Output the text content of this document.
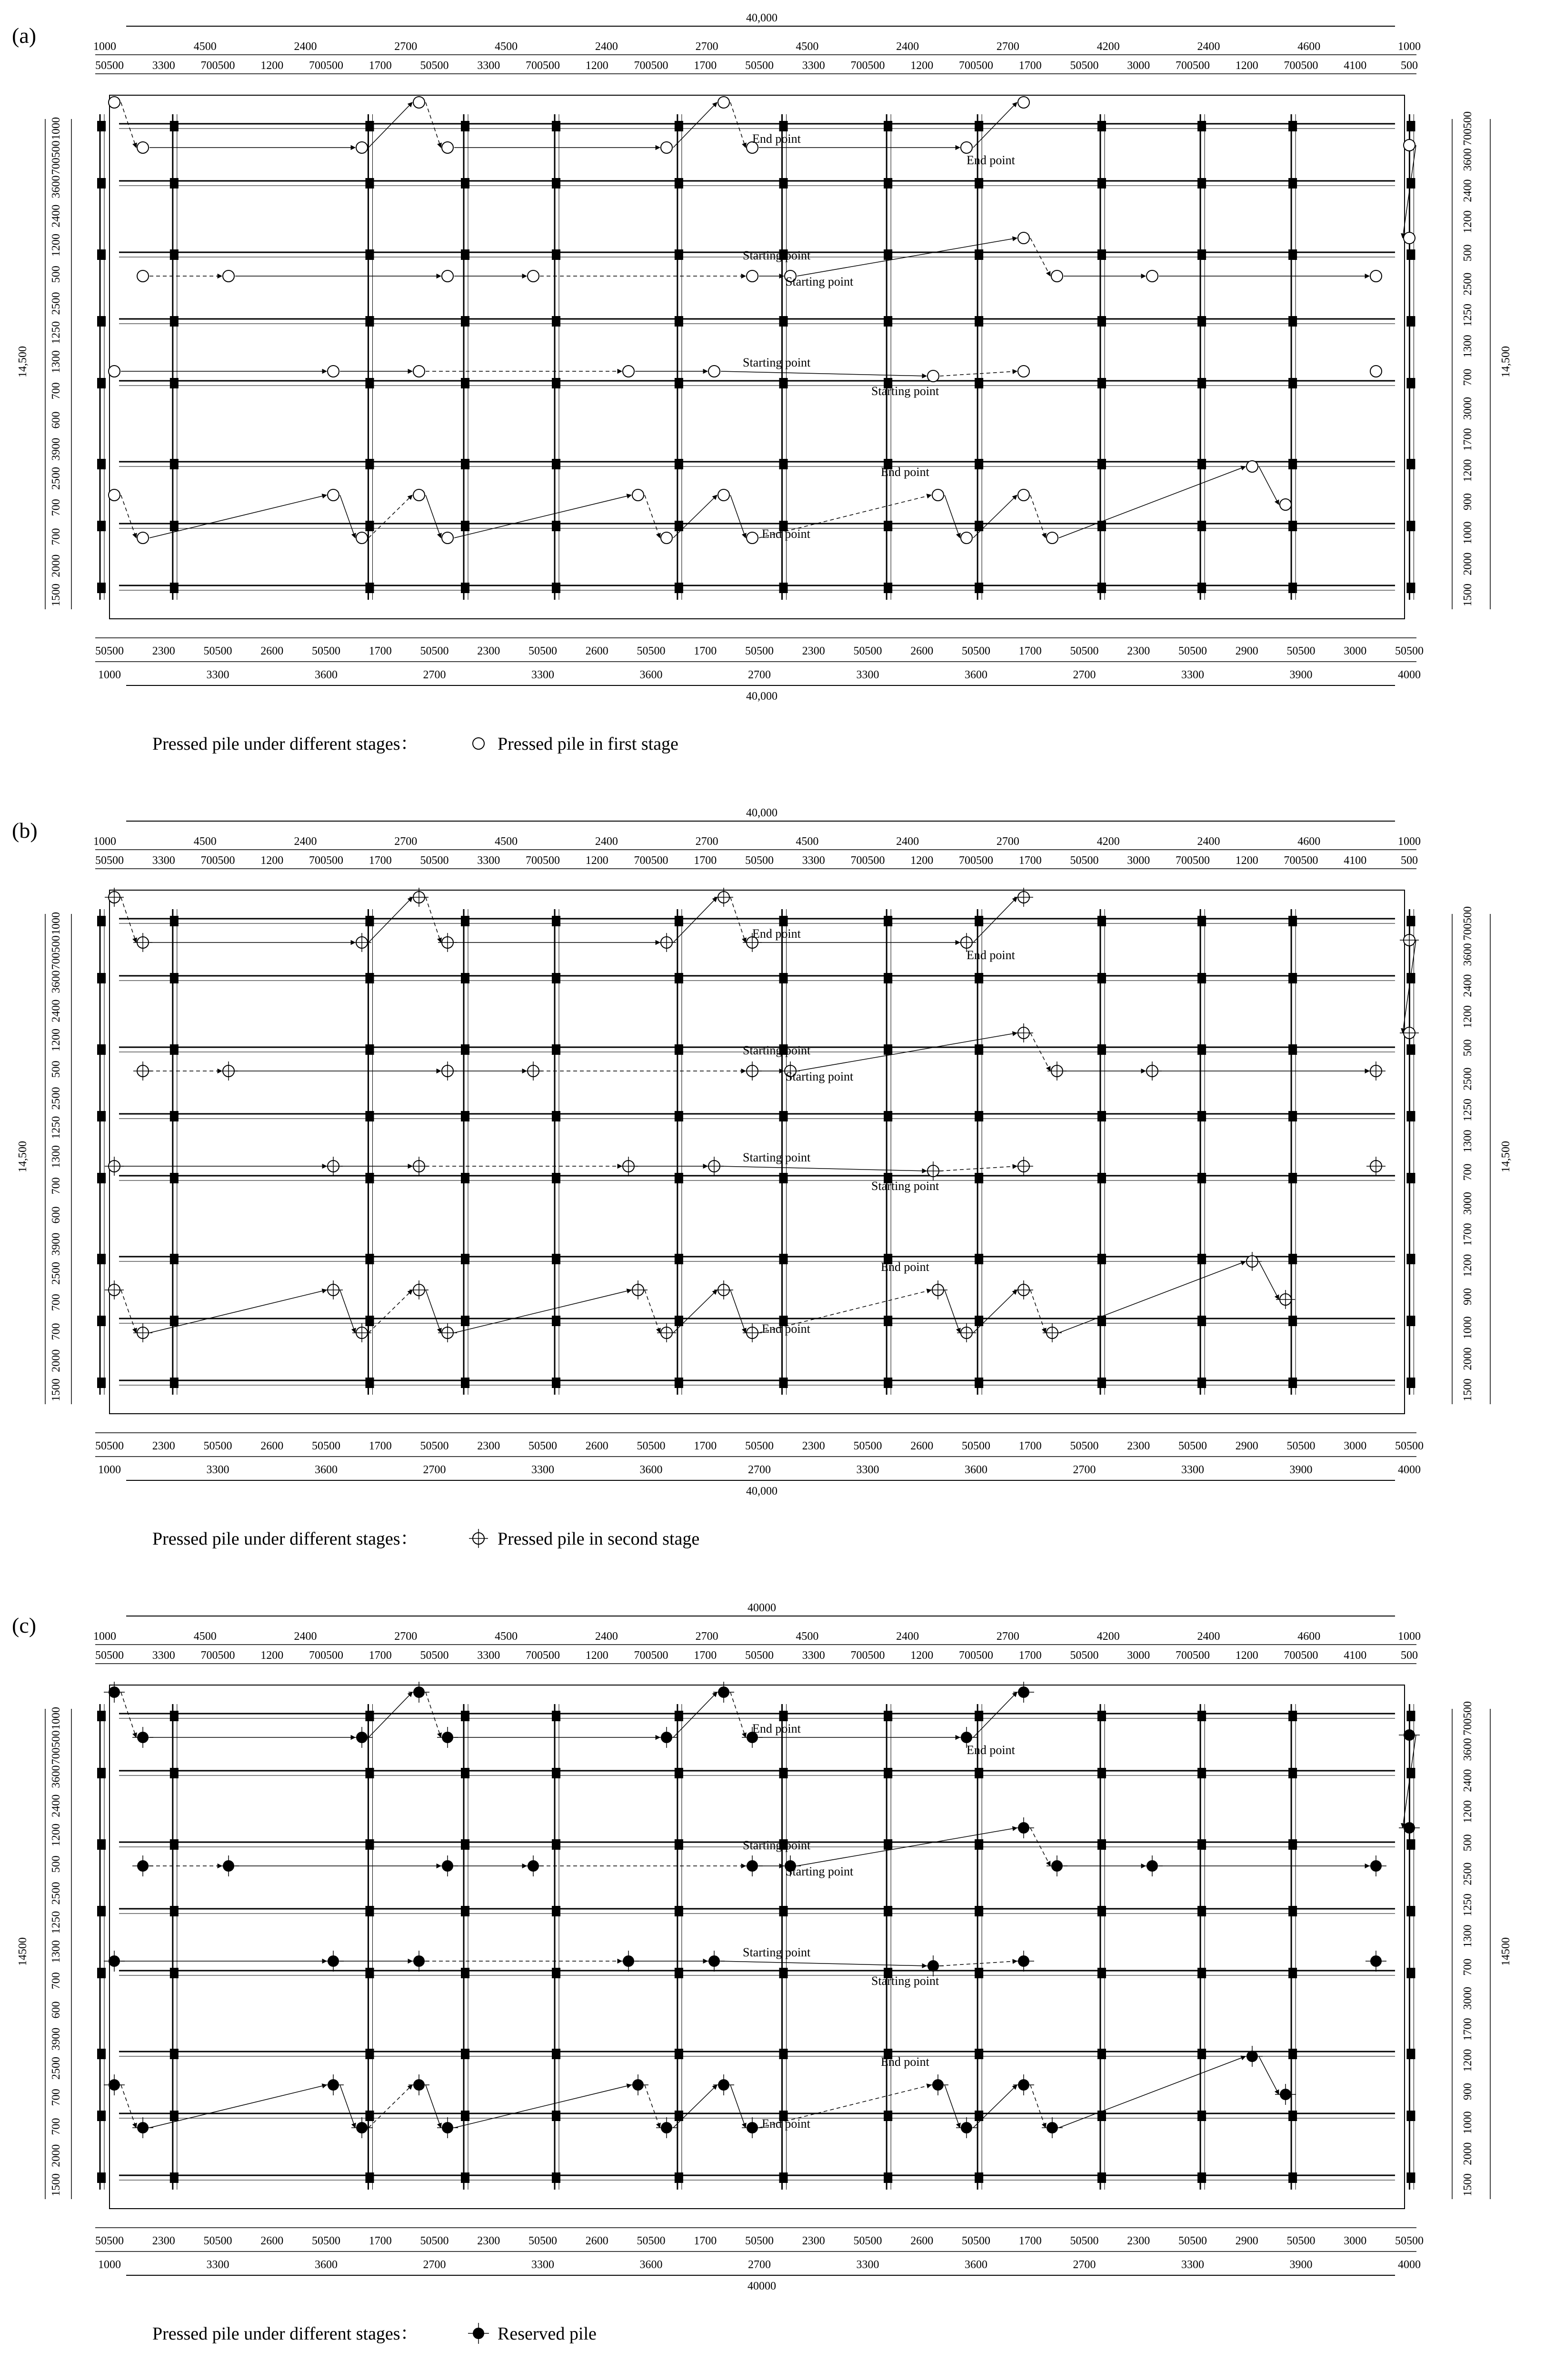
(a)
40,000
1000	4500	2400	2700	4500	2400	2700	4500	2400	2700	4200	2400	4600	1000
50500 3300 700500 1200 700500 1700 50500 3300 700500 1200 700500 1700 50500 3300 700500 1200 700500 1700 50500 3000 700500 1200 700500 4100	500
14,500
1000
700500
3600
2400
1200
500
2500
1250
1300
700
600
3900
2500
700
700
2000
1500
14,500
700500
3600
2400
1200
500
2500
1250
1300
700
3000
1700
1200
900
1000
2000
1500
50500 2300 50500 2600 50500 1700 50500 2300 50500 2600 50500 1700 50500 2300 50500 2600 50500 1700 50500 2300 50500 2900 50500 3000 50500
1000	3300	3600	2700	3300	3600	2700	3300	3600	2700	3300	3900	4000
40,000
End point
End point
Starting point
Starting point
Starting point
Starting point
End point
End point
Pressed pile under different stages：	Pressed pile in first stage
(b)
40,000
1000	4500	2400	2700	4500	2400	2700	4500	2400	2700	4200	2400	4600	1000
50500 3300 700500 1200 700500 1700 50500 3300 700500 1200 700500 1700 50500 3300 700500 1200 700500 1700 50500 3000 700500 1200 700500 4100	500
14,500
1000
700500
3600
2400
1200
500
2500
1250
1300
700
600
3900
2500
700
700
2000
1500
14,500
700500
3600
2400
1200
500
2500
1250
1300
700
3000
1700
1200
900
1000
2000
1500
50500 2300 50500 2600 50500 1700 50500 2300 50500 2600 50500 1700 50500 2300 50500 2600 50500 1700 50500 2300 50500 2900 50500 3000 50500
1000	3300	3600	2700	3300	3600	2700	3300	3600	2700	3300	3900	4000
40,000
End point
End point
Starting point
Starting point
Starting point
Starting point
End point
End point
Pressed pile under different stages：	Pressed pile in second stage
(c)
40000
1000	4500	2400	2700	4500	2400	2700	4500	2400	2700	4200	2400	4600	1000
50500 3300 700500 1200 700500 1700 50500 3300 700500 1200 700500 1700 50500 3300 700500 1200 700500 1700 50500 3000 700500 1200 700500 4100	500
14500
1000
700500
3600
2400
1200
500
2500
1250
1300
700
600
3900
2500
700
700
2000
1500
14500
700500
3600
2400
1200
500
2500
1250
1300
700
3000
1700
1200
900
1000
2000
1500
50500 2300 50500 2600 50500 1700 50500 2300 50500 2600 50500 1700 50500 2300 50500 2600 50500 1700 50500 2300 50500 2900 50500 3000 50500
1000	3300	3600	2700	3300	3600	2700	3300	3600	2700	3300	3900	4000
40000
End point
End point
Starting point
Starting point
Starting point
Starting point
End point
End point
Pressed pile under different stages：	Reserved pile
